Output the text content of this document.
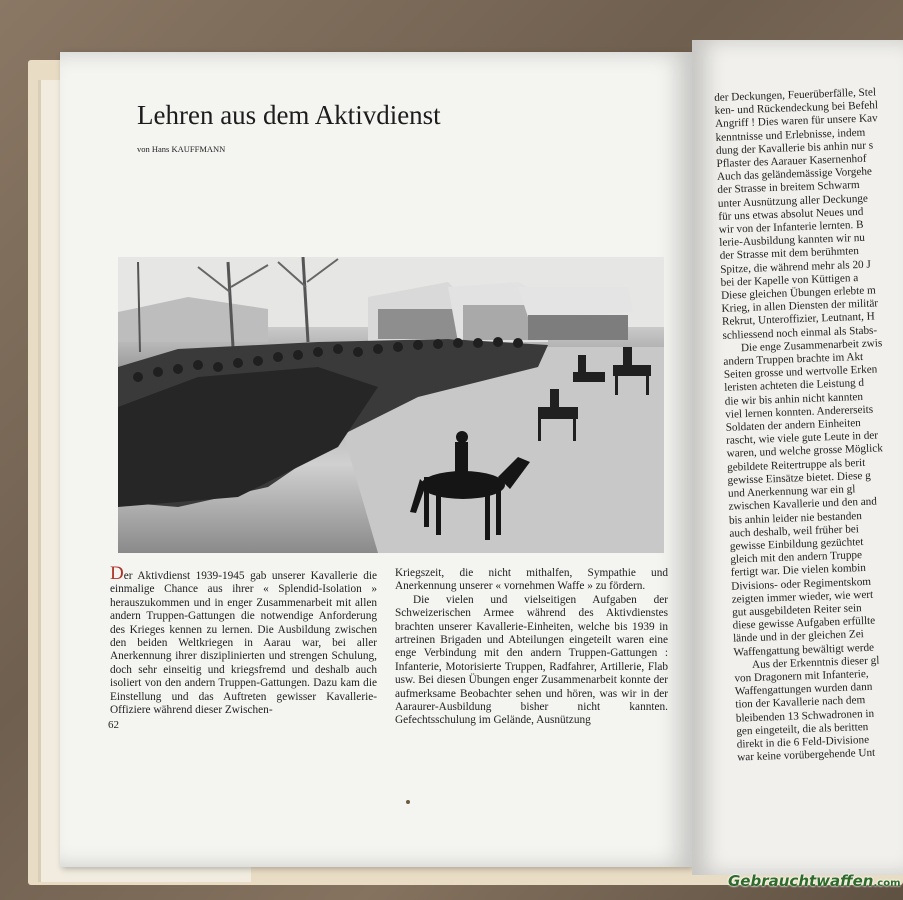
Lehren aus dem Aktivdienst
von Hans KAUFFMANN

Der Aktivdienst 1939-1945 gab unserer Kavallerie die einmalige Chance aus ihrer « Splendid-Isolation » herauszukommen und in enger Zusammenarbeit mit allen andern Truppen-Gattungen die notwendige Anforderung des Krieges kennen zu lernen. Die Ausbildung zwischen den beiden Weltkriegen in Aarau war, bei aller Anerkennung ihrer disziplinierten und strengen Schulung, doch sehr einseitig und kriegsfremd und deshalb auch isoliert von den andern Truppen-Gattungen. Dazu kam die Einstellung und das Auftreten gewisser Kavallerie-Offiziere während dieser Zwischen-

Kriegszeit, die nicht mithalfen, Sympathie und Anerkennung unserer « vornehmen Waffe » zu fördern.

Die vielen und vielseitigen Aufgaben der Schweizerischen Armee während des Aktivdienstes brachten unserer Kavallerie-Einheiten, welche bis 1939 in artreinen Brigaden und Abteilungen eingeteilt waren eine enge Verbindung mit den andern Truppen-Gattungen : Infanterie, Motorisierte Truppen, Radfahrer, Artillerie, Flab usw. Bei diesen Übungen enger Zusammenarbeit konnte der aufmerksame Beobachter sehen und hören, was wir in der Aaraurer-Ausbildung bisher nicht kannten. Gefechtsschulung im Gelände, Ausnützung

62
der Deckungen, Feuerüberfälle, Stel
ken- und Rückendeckung bei Befehl
Angriff ! Dies waren für unsere Kav
kenntnisse und Erlebnisse, indem
dung der Kavallerie bis anhin nur s
Pflaster des Aarauer Kasernenhof
Auch das geländemässige Vorgehe
der Strasse in breitem Schwarm
unter Ausnützung aller Deckunge
für uns etwas absolut Neues und
wir von der Infanterie lernten. B
lerie-Ausbildung kannten wir nu
der Strasse mit dem berühmten
Spitze, die während mehr als 20 J
bei der Kapelle von Küttigen a
Diese gleichen Übungen erlebte m
Krieg, in allen Diensten der militär
Rekrut, Unteroffizier, Leutnant, H
schliessend noch einmal als Stabs-
Die enge Zusammenarbeit zwis
andern Truppen brachte im Akt
Seiten grosse und wertvolle Erken
leristen achteten die Leistung d
die wir bis anhin nicht kannten
viel lernen konnten. Andererseits
Soldaten der andern Einheiten
rascht, wie viele gute Leute in der
waren, und welche grosse Möglick
gebildete Reitertruppe als berit
gewisse Einsätze bietet. Diese g
und Anerkennung war ein gl
zwischen Kavallerie und den and
bis anhin leider nie bestanden
auch deshalb, weil früher bei
gewisse Einbildung gezüchtet
gleich mit den andern Truppe
fertigt war. Die vielen kombin
Divisions- oder Regimentskom
zeigten immer wieder, wie wert
gut ausgebildeten Reiter sein
diese gewisse Aufgaben erfüllte
lände und in der gleichen Zei
Waffengattung bewältigt werde
Aus der Erkenntnis dieser gl
von Dragonern mit Infanterie,
Waffengattungen wurden dann
tion der Kavallerie nach dem
bleibenden 13 Schwadronen in
gen eingeteilt, die als beritten
direkt in die 6 Feld-Divisione
war keine vorübergehende Unt
Gebrauchtwaffen.com
